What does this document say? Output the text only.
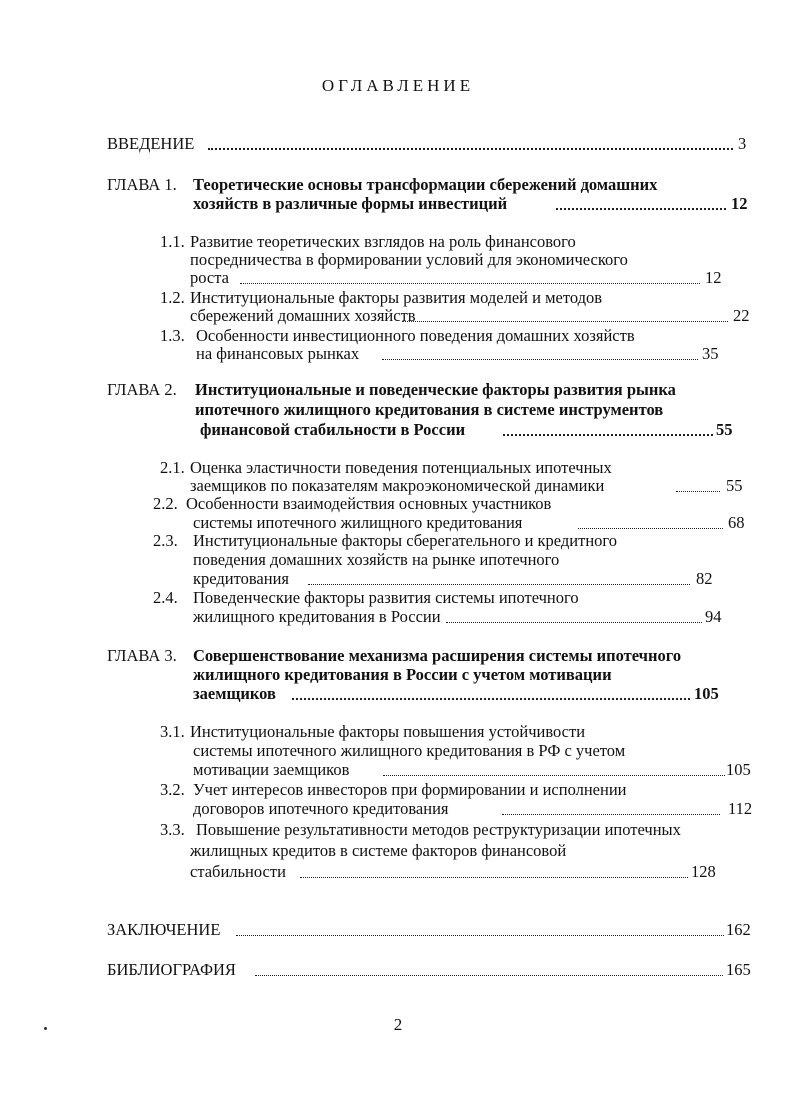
ОГЛАВЛЕНИЕ
ВВЕДЕНИЕ	3
ГЛАВА 1. Теоретические основы трансформации сбережений домашних
хозяйств в различные формы инвестиций	12
1.1. Развитие теоретических взглядов на роль финансового
посредничества в формировании условий для экономического
роста	12
1.2. Институциональные факторы развития моделей и методов
сбережений домашних хозяйств	22
1.3. Особенности инвестиционного поведения домашних хозяйств
на финансовых рынках	35
ГЛАВА 2. Институциональные и поведенческие факторы развития рынка
ипотечного жилищного кредитования в системе инструментов
финансовой стабильности в России	55
2.1. Оценка эластичности поведения потенциальных ипотечных
заемщиков по показателям макроэкономической динамики	55
2.2. Особенности взаимодействия основных участников
системы ипотечного жилищного кредитования	68
2.3. Институциональные факторы сберегательного и кредитного
поведения домашних хозяйств на рынке ипотечного
кредитования	82
2.4. Поведенческие факторы развития системы ипотечного
жилищного кредитования в России	94
ГЛАВА 3. Совершенствование механизма расширения системы ипотечного
жилищного кредитования в России с учетом мотивации
заемщиков	105
3.1. Институциональные факторы повышения устойчивости
системы ипотечного жилищного кредитования в РФ с учетом
мотивации заемщиков	105
3.2. Учет интересов инвесторов при формировании и исполнении
договоров ипотечного кредитования	112
3.3. Повышение результативности методов реструктуризации ипотечных
жилищных кредитов в системе факторов финансовой
стабильности	128
ЗАКЛЮЧЕНИЕ	162
БИБЛИОГРАФИЯ	165
2
